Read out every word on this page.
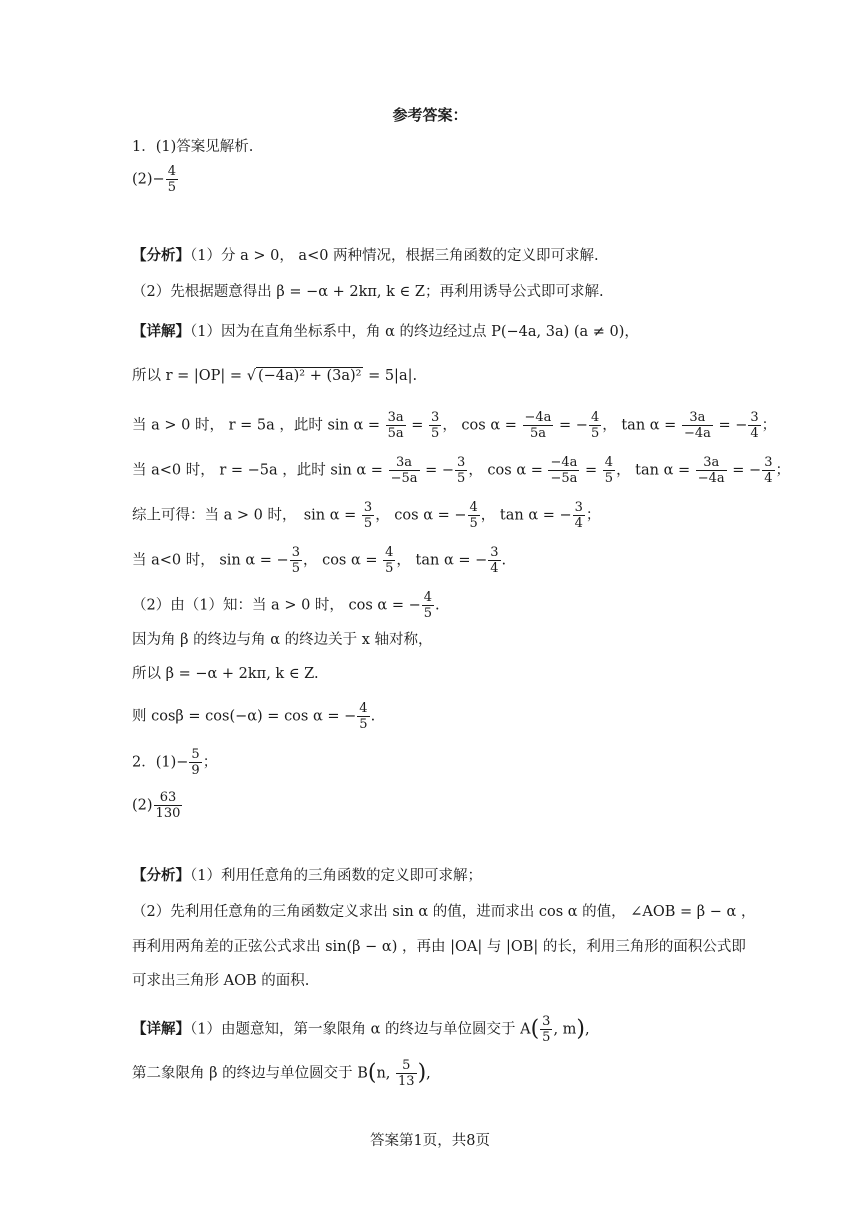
参考答案：
1．(1)答案见解析.
$(2)- \frac{4}{5}$
【分析】（1）分 a > 0， a<0 两种情况，根据三角函数的定义即可求解.
（2）先根据题意得出 β = −α + 2kπ, k ∈ Z；再利用诱导公式即可求解.
【详解】（1）因为在直角坐标系中，角 α 的终边经过点 P(−4a, 3a) (a ≠ 0)，
所以 r = |OP| = √ (−4a)² + (3a)² = 5|a|.
当 a > 0 时， r = 5a ，此时 $\sin \alpha = \frac{3a}{5a} = \frac{3}{5}$ ， $\cos \alpha = \frac{-4a}{5a}$ = − $\frac{4}{5}$ ， $\tan \alpha = \frac{3a}{-4a}$ = − $\frac{3}{4}$ ；
当 a<0 时， r = −5a ，此时 $\sin \alpha = \frac{3a}{-5a}$ = − $\frac{3}{5}$ ， $\cos \alpha = \frac{-4a}{-5a} = \frac{4}{5}$ ， $\tan \alpha = \frac{3a}{-4a}$ = − $\frac{3}{4}$ ；
综上可得：当 a > 0 时，　$\sin \alpha = \frac{3}{5}$ ， cos α = − $\frac{4}{5}$ ， tan α = − $\frac{3}{4}$ ；
当 a<0 时， sin α = − $\frac{3}{5}$ ， $\cos \alpha = \frac{4}{5}$ ， tan α = − $\frac{3}{4}$ .
（2）由（1）知：当 a > 0 时， cos α = − $\frac{4}{5}$ .
因为角 β 的终边与角 α 的终边关于 x 轴对称，
所以 β = −α + 2kπ, k ∈ Z.
则 cosβ = cos(−α) = cos α = − $\frac{4}{5}$ .
2．$(1)- \frac{5}{9}$ ；
$(2) \frac{63}{130}$
【分析】（1）利用任意角的三角函数的定义即可求解；
（2）先利用任意角的三角函数定义求出 sin α 的值，进而求出 cos α 的值， ∠AOB = β − α ，
再利用两角差的正弦公式求出 sin(β − α) ，再由 |OA| 与 |OB| 的长，利用三角形的面积公式即
可求出三角形 AOB 的面积.
【详解】（1）由题意知，第一象限角 α 的终边与单位圆交于 $A( \frac{3}{5}$ , m),
第二象限角 β 的终边与单位圆交于 B(n, $\frac{5}{13}$ ),
答案第1页，共8页
